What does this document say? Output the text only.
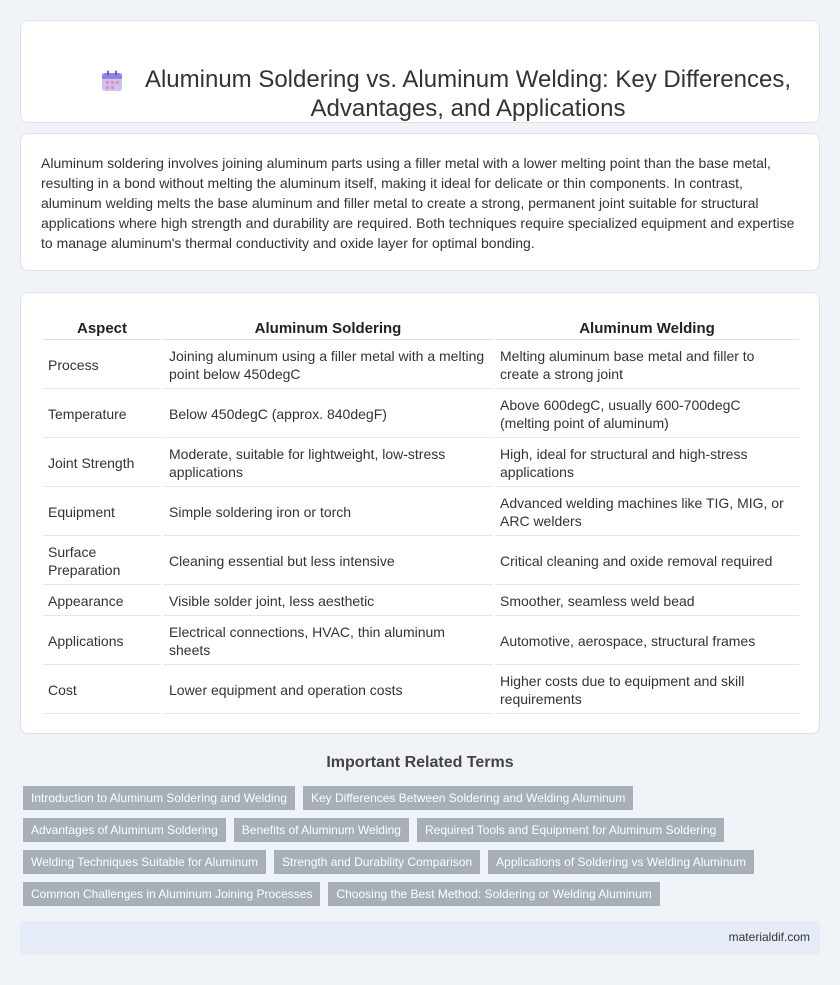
Aluminum Soldering vs. Aluminum Welding: Key Differences, Advantages, and Applications

Aluminum soldering involves joining aluminum parts using a filler metal with a lower melting point than the base metal, resulting in a bond without melting the aluminum itself, making it ideal for delicate or thin components. In contrast, aluminum welding melts the base aluminum and filler metal to create a strong, permanent joint suitable for structural applications where high strength and durability are required. Both techniques require specialized equipment and expertise to manage aluminum's thermal conductivity and oxide layer for optimal bonding.

Aspect	Aluminum Soldering	Aluminum Welding
Process	Joining aluminum using a filler metal with a melting point below 450degC	Melting aluminum base metal and filler to create a strong joint
Temperature	Below 450degC (approx. 840degF)	Above 600degC, usually 600-700degC (melting point of aluminum)
Joint Strength	Moderate, suitable for lightweight, low-stress applications	High, ideal for structural and high-stress applications
Equipment	Simple soldering iron or torch	Advanced welding machines like TIG, MIG, or ARC welders
Surface Preparation	Cleaning essential but less intensive	Critical cleaning and oxide removal required
Appearance	Visible solder joint, less aesthetic	Smoother, seamless weld bead
Applications	Electrical connections, HVAC, thin aluminum sheets	Automotive, aerospace, structural frames
Cost	Lower equipment and operation costs	Higher costs due to equipment and skill requirements
Important Related Terms
Introduction to Aluminum Soldering and Welding	Key Differences Between Soldering and Welding Aluminum
Advantages of Aluminum Soldering	Benefits of Aluminum Welding	Required Tools and Equipment for Aluminum Soldering
Welding Techniques Suitable for Aluminum	Strength and Durability Comparison	Applications of Soldering vs Welding Aluminum
Common Challenges in Aluminum Joining Processes	Choosing the Best Method: Soldering or Welding Aluminum
materialdif.com
